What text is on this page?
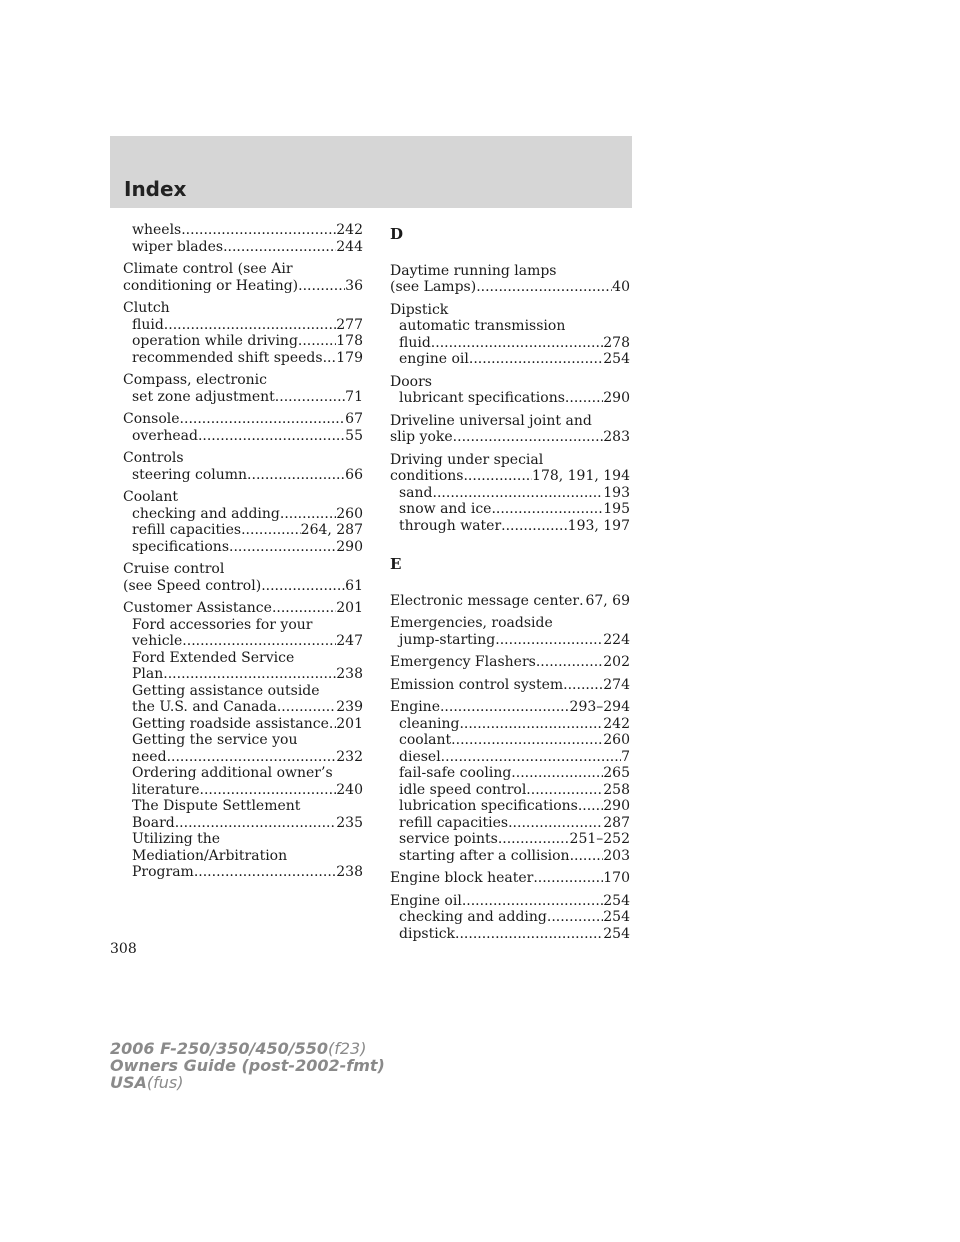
Index
wheels .....	242
wiper blades .....	244
Climate control (see Air
conditioning or Heating) .....	36
Clutch
fluid .....	277
operation while driving .....	178
recommended shift speeds ..... 179
Compass, electronic
set zone adjustment .....	71
Console .....	67
overhead .....	55
Controls
steering column .....	66
Coolant
checking and adding .....	260
refill capacities .....	264, 287
specifications .....	290
Cruise control
(see Speed control) .....	61
Customer Assistance .....	201
Ford accessories for your
vehicle .....	247
Ford Extended Service
Plan .....	238
Getting assistance outside
the U.S. and Canada .....	239
Getting roadside assistance ..... 201
Getting the service you
need .....	232
Ordering additional owner’s
literature .....	240
The Dispute Settlement
Board .....	235
Utilizing the
Mediation/Arbitration
Program .....	238
D
Daytime running lamps
(see Lamps) .....	40
Dipstick
automatic transmission
fluid .....	278
engine oil .....	254
Doors
lubricant specifications .....	290
Driveline universal joint and
slip yoke .....	283
Driving under special
conditions .....	178, 191, 194
sand .....	193
snow and ice .....	195
through water .....	193, 197
E
Electronic message center ..... 67, 69
Emergencies, roadside
jump-starting .....	224
Emergency Flashers .....	202
Emission control system .....	274
Engine .....	293–294
cleaning .....	242
coolant .....	260
diesel .....	7
fail-safe cooling .....	265
idle speed control .....	258
lubrication specifications ..... 290
refill capacities .....	287
service points .....	251–252
starting after a collision ..... 203
Engine block heater .....	170
Engine oil .....	254
checking and adding .....	254
dipstick .....	254
308
2006 F-250/350/450/550(f23)
Owners Guide (post-2002-fmt)
USA(fus)
